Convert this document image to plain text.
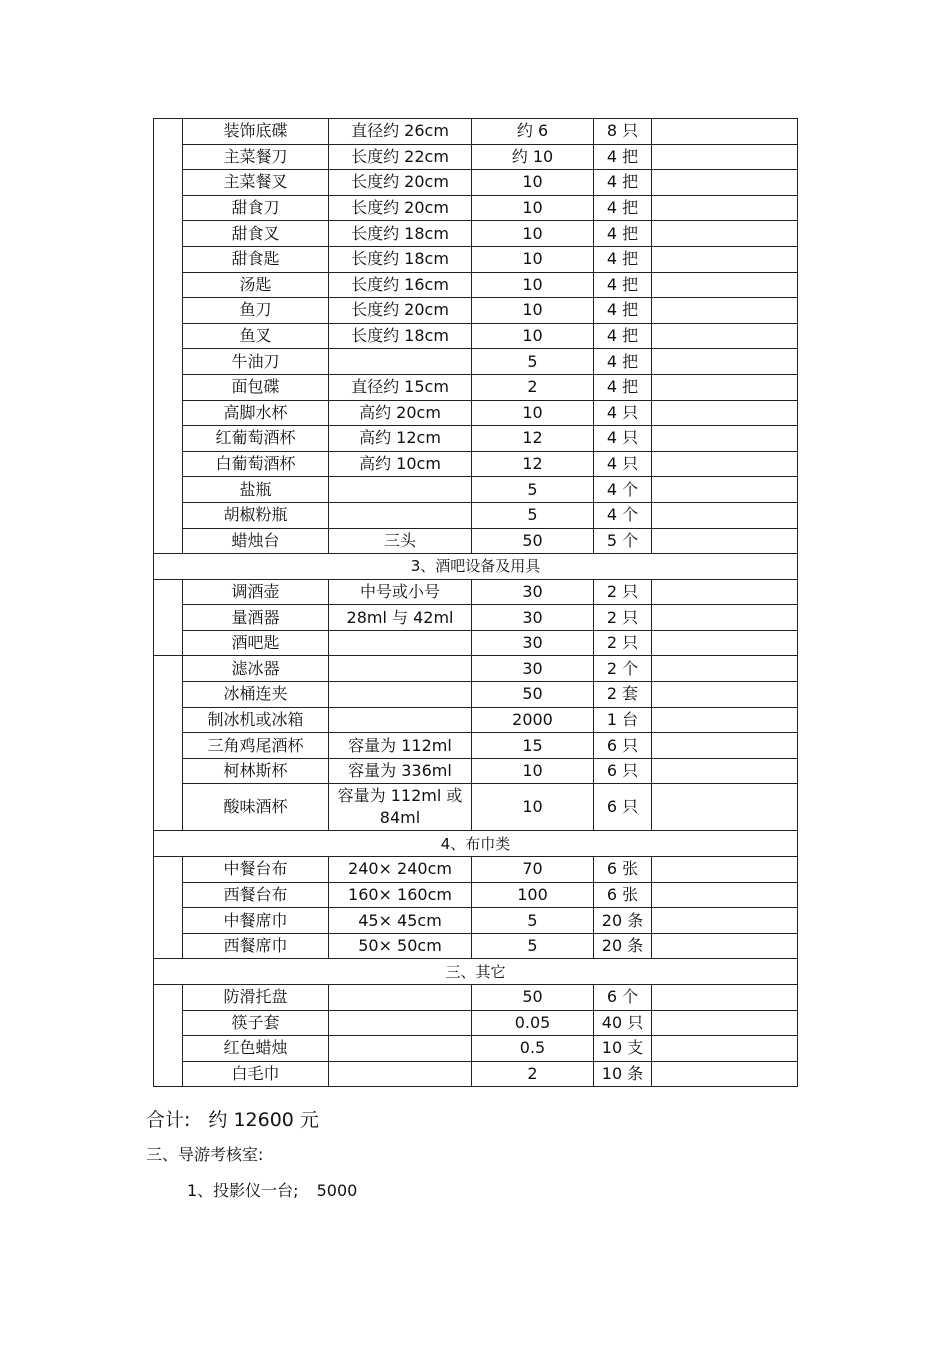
	装饰底碟	直径约 26cm	约 6	8 只	
	主菜餐刀	长度约 22cm	约 10	4 把	
	主菜餐叉	长度约 20cm	10	4 把	
	甜食刀	长度约 20cm	10	4 把	
	甜食叉	长度约 18cm	10	4 把	
	甜食匙	长度约 18cm	10	4 把	
	汤匙	长度约 16cm	10	4 把	
	鱼刀	长度约 20cm	10	4 把	
	鱼叉	长度约 18cm	10	4 把	
	牛油刀		5	4 把	
	面包碟	直径约 15cm	2	4 把	
	高脚水杯	高约 20cm	10	4 只	
	红葡萄酒杯	高约 12cm	12	4 只	
	白葡萄酒杯	高约 10cm	12	4 只	
	盐瓶		5	4 个	
	胡椒粉瓶		5	4 个	
	蜡烛台	三头	50	5 个	
3、酒吧设备及用具					
	调酒壶	中号或小号	30	2 只	
	量酒器	28ml 与 42ml	30	2 只	
	酒吧匙		30	2 只	
	滤冰器		30	2 个	
	冰桶连夹		50	2 套	
	制冰机或冰箱		2000	1 台	
	三角鸡尾酒杯	容量为 112ml	15	6 只	
	柯林斯杯	容量为 336ml	10	6 只	
	酸味酒杯	容量为 112ml 或 84ml	10	6 只	
4、布巾类					
	中餐台布	240× 240cm	70	6 张	
	西餐台布	160× 160cm	100	6 张	
	中餐席巾	45× 45cm	5	20 条	
	西餐席巾	50× 50cm	5	20 条	
三、其它					
	防滑托盘		50	6 个	
	筷子套		0.05	40 只	
	红色蜡烛		0.5	10 支	
	白毛巾		2	10 条	
合计: 约 12600 元
三、导游考核室:
1、投影仪一台; 5000
